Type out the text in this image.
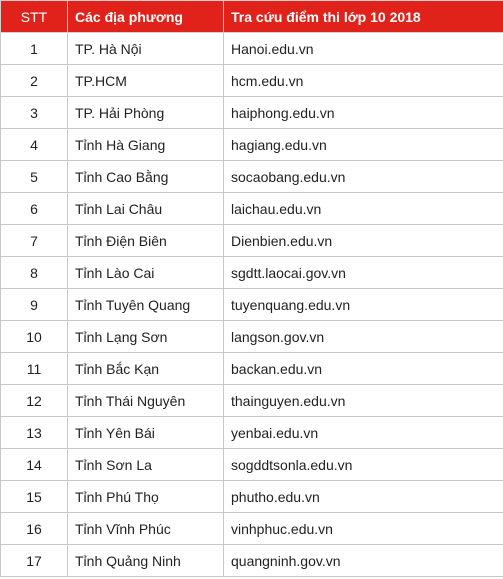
STT	Các địa phương	Tra cứu điểm thi lớp 10 2018
1	TP. Hà Nội	Hanoi.edu.vn
2	TP.HCM	hcm.edu.vn
3	TP. Hải Phòng	haiphong.edu.vn
4	Tỉnh Hà Giang	hagiang.edu.vn
5	Tỉnh Cao Bằng	socaobang.edu.vn
6	Tỉnh Lai Châu	laichau.edu.vn
7	Tỉnh Điện Biên	Dienbien.edu.vn
8	Tỉnh Lào Cai	sgdtt.laocai.gov.vn
9	Tỉnh Tuyên Quang	tuyenquang.edu.vn
10	Tỉnh Lạng Sơn	langson.gov.vn
11	Tỉnh Bắc Kạn	backan.edu.vn
12	Tỉnh Thái Nguyên	thainguyen.edu.vn
13	Tỉnh Yên Bái	yenbai.edu.vn
14	Tỉnh Sơn La	sogddtsonla.edu.vn
15	Tỉnh Phú Thọ	phutho.edu.vn
16	Tỉnh Vĩnh Phúc	vinhphuc.edu.vn
17	Tỉnh Quảng Ninh	quangninh.gov.vn
